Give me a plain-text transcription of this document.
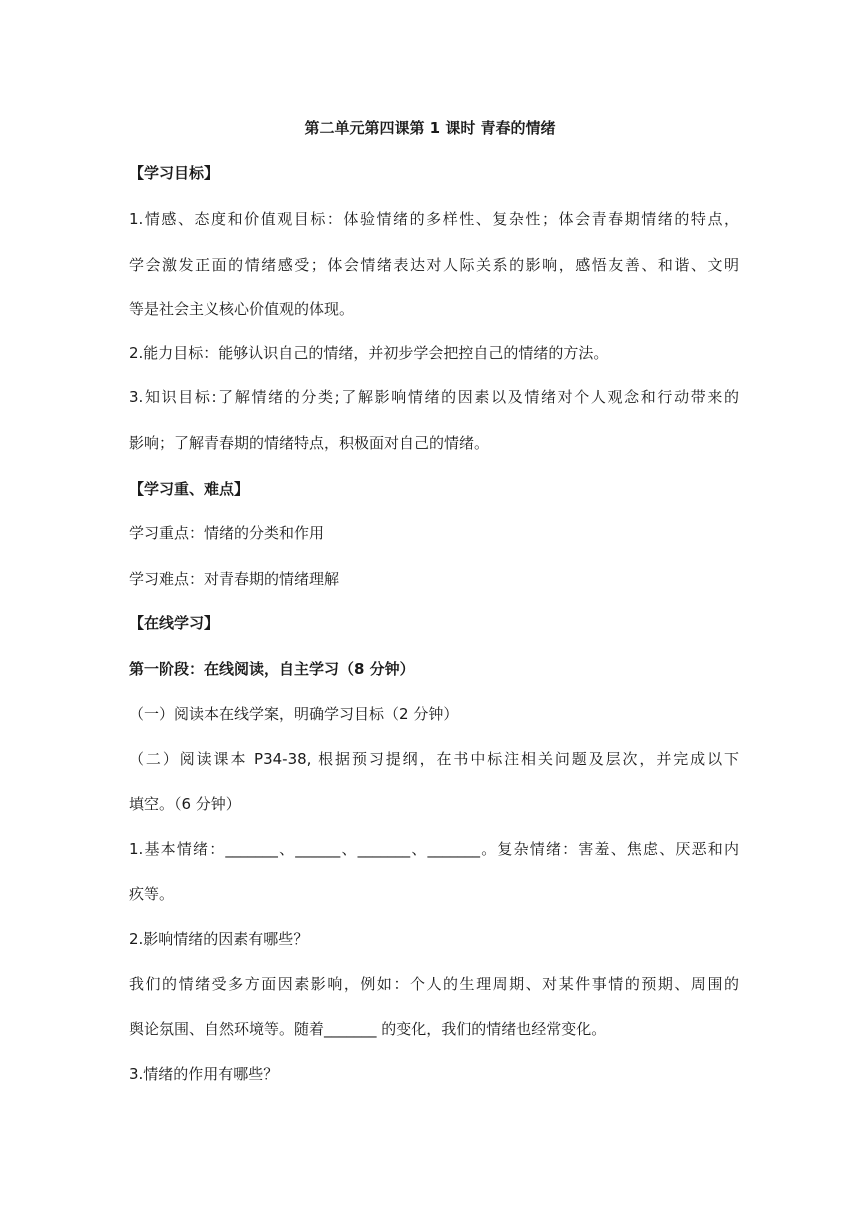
第二单元第四课第 1 课时 青春的情绪
【学习目标】
1.情感、态度和价值观目标：体验情绪的多样性、复杂性；体会青春期情绪的特点，
学会激发正面的情绪感受；体会情绪表达对人际关系的影响，感悟友善、和谐、文明
等是社会主义核心价值观的体现。
2.能力目标：能够认识自己的情绪，并初步学会把控自己的情绪的方法。
3.知识目标:了解情绪的分类;了解影响情绪的因素以及情绪对个人观念和行动带来的
影响；了解青春期的情绪特点，积极面对自己的情绪。
【学习重、难点】
学习重点：情绪的分类和作用
学习难点：对青春期的情绪理解
【在线学习】
第一阶段：在线阅读，自主学习（8 分钟）
（一）阅读本在线学案，明确学习目标（2 分钟）
（二）阅读课本 P34-38, 根据预习提纲，在书中标注相关问题及层次，并完成以下
填空。（6 分钟）
1.基本情绪：_______、______、_______、_______。复杂情绪：害羞、焦虑、厌恶和内
疚等。
2.影响情绪的因素有哪些？
我们的情绪受多方面因素影响，例如：个人的生理周期、对某件事情的预期、周围的
舆论氛围、自然环境等。随着_______ 的变化，我们的情绪也经常变化。
3.情绪的作用有哪些？
